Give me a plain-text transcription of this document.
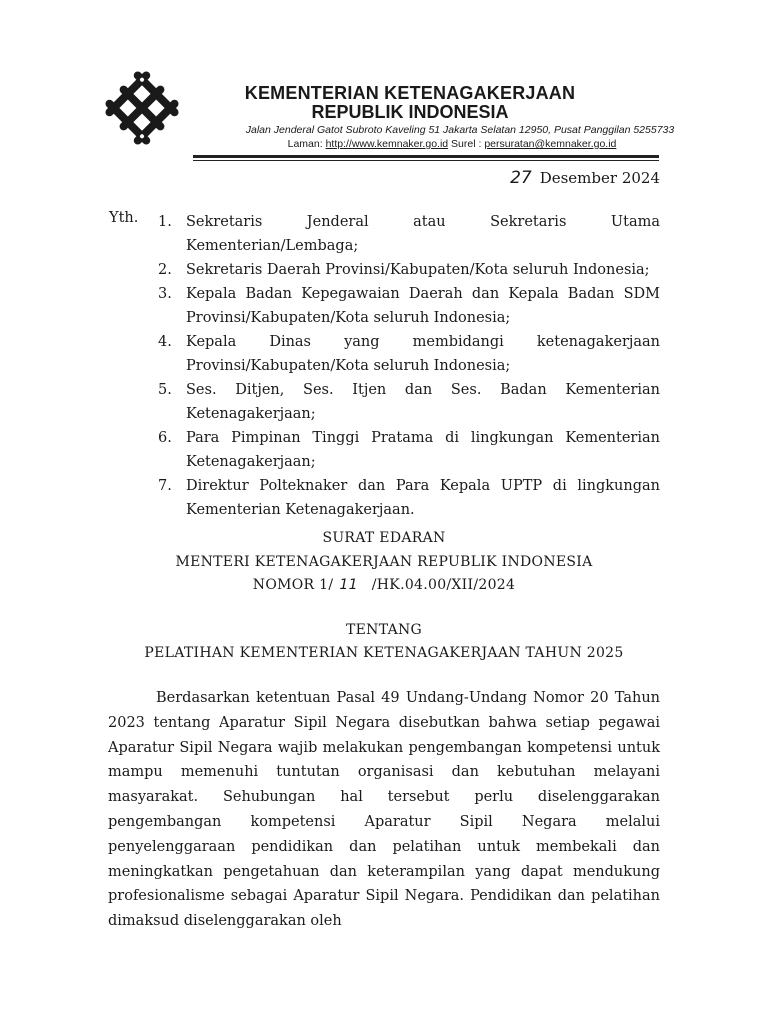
KEMENTERIAN KETENAGAKERJAAN
REPUBLIK INDONESIA
Jalan Jenderal Gatot Subroto Kaveling 51 Jakarta Selatan 12950, Pusat Panggilan 5255733
Laman: http://www.kemnaker.go.id Surel : persuratan@kemnaker.go.id
27 Desember 2024
Yth. 1. Sekretaris Jenderal atau Sekretaris Utama Kementerian/Lembaga;
2. Sekretaris Daerah Provinsi/Kabupaten/Kota seluruh Indonesia;
3. Kepala Badan Kepegawaian Daerah dan Kepala Badan SDM Provinsi/Kabupaten/Kota seluruh Indonesia;
4. Kepala Dinas yang membidangi ketenagakerjaan Provinsi/Kabupaten/Kota seluruh Indonesia;
5. Ses. Ditjen, Ses. Itjen dan Ses. Badan Kementerian Ketenagakerjaan;
6. Para Pimpinan Tinggi Pratama di lingkungan Kementerian Ketenagakerjaan;
7. Direktur Polteknaker dan Para Kepala UPTP di lingkungan Kementerian Ketenagakerjaan.
SURAT EDARAN
MENTERI KETENAGAKERJAAN REPUBLIK INDONESIA
NOMOR 1/ 11 /HK.04.00/XII/2024
TENTANG
PELATIHAN KEMENTERIAN KETENAGAKERJAAN TAHUN 2025

Berdasarkan ketentuan Pasal 49 Undang-Undang Nomor 20 Tahun 2023 tentang Aparatur Sipil Negara disebutkan bahwa setiap pegawai Aparatur Sipil Negara wajib melakukan pengembangan kompetensi untuk mampu memenuhi tuntutan organisasi dan kebutuhan melayani masyarakat. Sehubungan hal tersebut perlu diselenggarakan pengembangan kompetensi Aparatur Sipil Negara melalui penyelenggaraan pendidikan dan pelatihan untuk membekali dan meningkatkan pengetahuan dan keterampilan yang dapat mendukung profesionalisme sebagai Aparatur Sipil Negara. Pendidikan dan pelatihan dimaksud diselenggarakan oleh
